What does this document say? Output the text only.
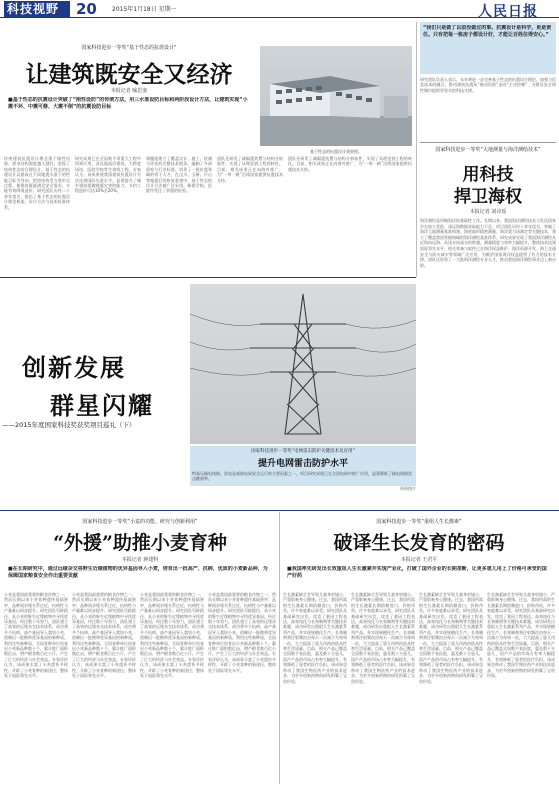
科技视野	20	2015年1月18日 星期一	人民日报
国家科技进步一等奖“基于性态的抗震设计”
让建筑既安全又经济
本报记者 喻思娈
■基于性态的抗震设计突破了“刚性设防”的传统方法，用三水准设防目标和两阶段设计方法，让建筑实现“小震不坏、中震可修、大震不倒”的抗震设防目标
基于性态的抗震设计效果图。
传统建筑抗震设计理念重于刚性设防，要求结构强度越大越好，忽视了结构性态的合理设计。基于性态的抗震设计以建筑在不同地震水准下的性能目标为导向，把控结构受力变形全过程，使建筑既能满足安全需求，又能有效降低造价。研究团队历经二十余年攻关，提出了基于性态的抗震设计理论框架、设计方法与技术标准体系。
研究成果已在全国数千项重大工程中得到应用，涉及超高层建筑、大跨度场馆、医院学校等生命线工程。专家认为，该成果使我国建筑抗震设计方法达到国际先进水平，显著提升了城乡建筑抵御地震灾害的能力，节约工程造价可达10%至20%。
课题组建立了覆盖设计、施工、检测与评估的完整技术链条，编制了多部国家与行业标准，培养了一批抗震领域的骨干人才。在汶川、玉树、芦山等地震后的恢复重建中，基于性态的设计方法被广泛采用，新建学校、医院经受住了余震的检验。
团队还研发了减隔震装置与结构分析软件，实现了从理论到工程的转化。目前，相关成果正在向海外推广，为“一带一路”沿线国家提供抗震技术支持。
团队还研发了减隔震装置与结构分析软件，实现了从理论到工程的转化。目前，相关成果正在向海外推广，为“一带一路”沿线国家提供抗震技术支持。
“我们只是做了以前没做过的事。抗震设计是科学，更是责任。只有把每一栋房子都设计好，才能让百姓住得安心。”
研究团队负责人表示，未来将进一步完善基于性态的抗震设计理论，加强与信息技术的融合，推动建筑抗震从“被动设防”走向“主动控制”，为建设安全韧性城市提供更坚实的科技支撑。
国家科技进步一等奖“大地测量与海洋测绘技术”
用科技
捍卫海权
本报记者 刘诗瑶
海洋测绘是经略海洋的基础性工作。长期以来，我国海洋测绘技术与发达国家存在较大差距，深远海数据获取能力不足。项目团队历经十余年攻关，突破了海洋大地测量基准构建、海底地形精密测量、海洋重力场测定等关键技术，建立了覆盖我国管辖海域的海洋测绘基准体系。研究成果实现了我国海洋测绘从近海向远海、从浅水向深水的跨越，测量精度与效率大幅提升，整体技术达到国际领先水平。相关装备与软件已在海洋权益维护、海洋资源开发、海上交通安全与防灾减灾等领域广泛应用，为维护国家海洋权益提供了有力的技术支撑。团队还培养了一大批海洋测绘专业人才，推动我国海洋测绘事业迈上新台阶。
创新发展
群星闪耀
——2015年度国家科技奖获奖项目巡礼（下）
国家科技进步一等奖“电网雷击防护关键技术及应用”
提升电网雷击防护水平
特高压输电线路。雷电是威胁电网安全运行的主要因素之一，项目研究成果已在全国电网中推广应用，显著降低了输电线路雷击跳闸率。
资料图片
国家科技进步一等奖“小麦的功能、研究与创新利用”
“外援”助推小麦育种
本报记者 蒋建科
■在长期研究中，通过远缘杂交将野生近缘植物的优异基因导入小麦，培育出一批高产、抗病、优质的小麦新品种，为保障国家粮食安全作出重要贡献
小麦是我国最重要的粮食作物之一，然而长期以来小麦育种遗传基础狭窄，品种间亲缘关系过近，抗病性与产量难以同步提升。研究团队另辟蹊径，从小麦的野生近缘植物中寻找优异基因。经过数十年努力，团队建立了高效的远缘杂交技术体系，成功将多个抗病、高产基因导入栽培小麦，创制出一批携带优异基因的新种质。利用这些新种质，全国育种单位培育出小麦新品种数十个，累计推广面积数亿亩，增产粮食数百亿公斤，产生了巨大的经济与社会效益。专家评价认为，该成果丰富了小麦遗传多样性，开辟了小麦育种的新途径，整体处于国际领先水平。
小麦是我国最重要的粮食作物之一，然而长期以来小麦育种遗传基础狭窄，品种间亲缘关系过近，抗病性与产量难以同步提升。研究团队另辟蹊径，从小麦的野生近缘植物中寻找优异基因。经过数十年努力，团队建立了高效的远缘杂交技术体系，成功将多个抗病、高产基因导入栽培小麦，创制出一批携带优异基因的新种质。利用这些新种质，全国育种单位培育出小麦新品种数十个，累计推广面积数亿亩，增产粮食数百亿公斤，产生了巨大的经济与社会效益。专家评价认为，该成果丰富了小麦遗传多样性，开辟了小麦育种的新途径，整体处于国际领先水平。
小麦是我国最重要的粮食作物之一，然而长期以来小麦育种遗传基础狭窄，品种间亲缘关系过近，抗病性与产量难以同步提升。研究团队另辟蹊径，从小麦的野生近缘植物中寻找优异基因。经过数十年努力，团队建立了高效的远缘杂交技术体系，成功将多个抗病、高产基因导入栽培小麦，创制出一批携带优异基因的新种质。利用这些新种质，全国育种单位培育出小麦新品种数十个，累计推广面积数亿亩，增产粮食数百亿公斤，产生了巨大的经济与社会效益。专家评价认为，该成果丰富了小麦遗传多样性，开辟了小麦育种的新途径，整体处于国际领先水平。
小麦是我国最重要的粮食作物之一，然而长期以来小麦育种遗传基础狭窄，品种间亲缘关系过近，抗病性与产量难以同步提升。研究团队另辟蹊径，从小麦的野生近缘植物中寻找优异基因。经过数十年努力，团队建立了高效的远缘杂交技术体系，成功将多个抗病、高产基因导入栽培小麦，创制出一批携带优异基因的新种质。利用这些新种质，全国育种单位培育出小麦新品种数十个，累计推广面积数亿亩，增产粮食数百亿公斤，产生了巨大的经济与社会效益。专家评价认为，该成果丰富了小麦遗传多样性，开辟了小麦育种的新途径，整体处于国际领先水平。
国家科技进步一等奖“重组人生长激素”
破译生长发育的密码
本报记者 王君平
■我国率先研发出长效重组人生长激素并实现产业化，打破了国外企业的长期垄断，让更多患儿用上了价格可承受的国产好药
生长激素缺乏会导致儿童身材矮小，严重影响身心健康。过去，我国所需的生长激素长期依赖进口，价格昂贵，许多家庭难以承受。研究团队从基础研究出发，攻克了基因工程表达、高效纯化与长效制剂等关键技术难题，成功研发出重组人生长激素系列产品，并实现规模化生产。长效制剂将注射频次由每天一次减少为每周一次，大大提高了患儿用药的依从性和生活质量。目前，相关产品已覆盖全国数千家医院，惠及数十万患儿，国产产品的市场占有率大幅提升，有效降低了患者的医疗负担。该成果也带动了我国生物医药产业的技术进步，为更多创新药物的研发积累了宝贵经验。
生长激素缺乏会导致儿童身材矮小，严重影响身心健康。过去，我国所需的生长激素长期依赖进口，价格昂贵，许多家庭难以承受。研究团队从基础研究出发，攻克了基因工程表达、高效纯化与长效制剂等关键技术难题，成功研发出重组人生长激素系列产品，并实现规模化生产。长效制剂将注射频次由每天一次减少为每周一次，大大提高了患儿用药的依从性和生活质量。目前，相关产品已覆盖全国数千家医院，惠及数十万患儿，国产产品的市场占有率大幅提升，有效降低了患者的医疗负担。该成果也带动了我国生物医药产业的技术进步，为更多创新药物的研发积累了宝贵经验。
生长激素缺乏会导致儿童身材矮小，严重影响身心健康。过去，我国所需的生长激素长期依赖进口，价格昂贵，许多家庭难以承受。研究团队从基础研究出发，攻克了基因工程表达、高效纯化与长效制剂等关键技术难题，成功研发出重组人生长激素系列产品，并实现规模化生产。长效制剂将注射频次由每天一次减少为每周一次，大大提高了患儿用药的依从性和生活质量。目前，相关产品已覆盖全国数千家医院，惠及数十万患儿，国产产品的市场占有率大幅提升，有效降低了患者的医疗负担。该成果也带动了我国生物医药产业的技术进步，为更多创新药物的研发积累了宝贵经验。
生长激素缺乏会导致儿童身材矮小，严重影响身心健康。过去，我国所需的生长激素长期依赖进口，价格昂贵，许多家庭难以承受。研究团队从基础研究出发，攻克了基因工程表达、高效纯化与长效制剂等关键技术难题，成功研发出重组人生长激素系列产品，并实现规模化生产。长效制剂将注射频次由每天一次减少为每周一次，大大提高了患儿用药的依从性和生活质量。目前，相关产品已覆盖全国数千家医院，惠及数十万患儿，国产产品的市场占有率大幅提升，有效降低了患者的医疗负担。该成果也带动了我国生物医药产业的技术进步，为更多创新药物的研发积累了宝贵经验。
